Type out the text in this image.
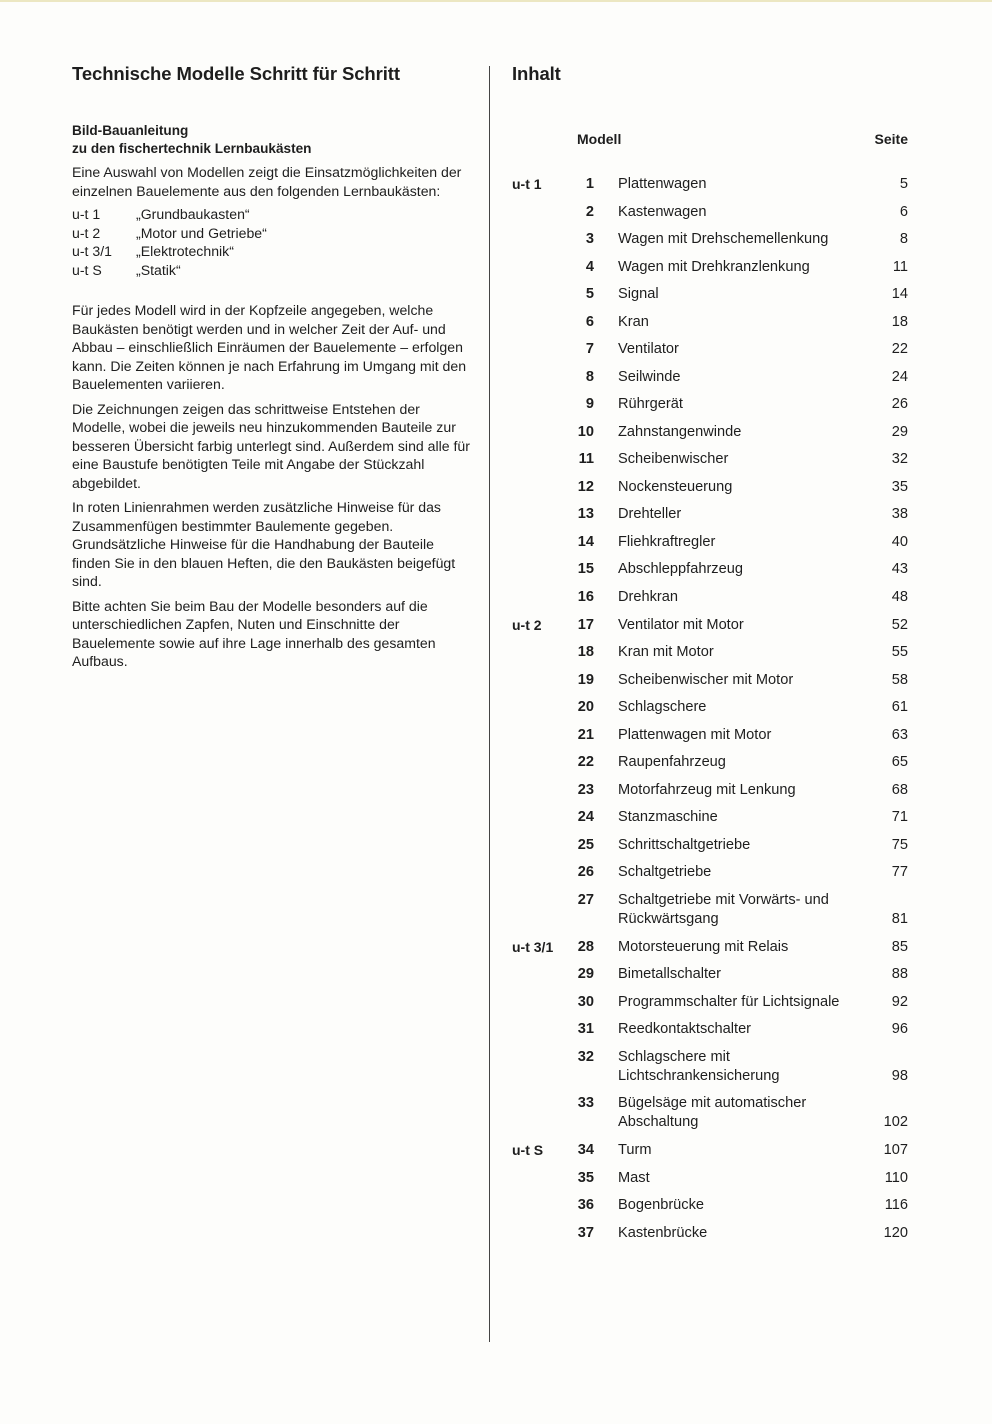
Technische Modelle Schritt für Schritt
Bild-Bauanleitung
zu den fischertechnik Lernbaukästen

Eine Auswahl von Modellen zeigt die Einsatzmöglichkeiten der einzelnen Bauelemente aus den folgenden Lernbaukästen:

u-t 1	„Grundbaukasten“
u-t 2	„Motor und Getriebe“
u-t 3/1	„Elektrotechnik“
u-t S	„Statik“

Für jedes Modell wird in der Kopfzeile angegeben, welche Baukästen benötigt werden und in welcher Zeit der Auf- und Abbau – einschließlich Einräumen der Bauelemente – erfolgen kann. Die Zeiten können je nach Erfahrung im Umgang mit den Bauelementen variieren.

Die Zeichnungen zeigen das schrittweise Entstehen der Modelle, wobei die jeweils neu hinzukommenden Bauteile zur besseren Übersicht farbig unterlegt sind. Außerdem sind alle für eine Baustufe benötigten Teile mit Angabe der Stückzahl abgebildet.

In roten Linienrahmen werden zusätzliche Hinweise für das Zusammenfügen bestimmter Baulemente gegeben. Grundsätzliche Hinweise für die Handhabung der Bauteile finden Sie in den blauen Heften, die den Baukästen beigefügt sind.

Bitte achten Sie beim Bau der Modelle besonders auf die unterschiedlichen Zapfen, Nuten und Einschnitte der Bauelemente sowie auf ihre Lage innerhalb des gesamten Aufbaus.

Inhalt
Modell	Seite
u-t 1	1 Plattenwagen	5
2 Kastenwagen	6
3 Wagen mit Drehschemellenkung	8
4 Wagen mit Drehkranzlenkung	11
5 Signal	14
6 Kran	18
7 Ventilator	22
8 Seilwinde	24
9 Rührgerät	26
10 Zahnstangenwinde	29
11 Scheibenwischer	32
12 Nockensteuerung	35
13 Drehteller	38
14 Fliehkraftregler	40
15 Abschleppfahrzeug	43
16 Drehkran	48
u-t 2	17 Ventilator mit Motor	52
18 Kran mit Motor	55
19 Scheibenwischer mit Motor	58
20 Schlagschere	61
21 Plattenwagen mit Motor	63
22 Raupenfahrzeug	65
23 Motorfahrzeug mit Lenkung	68
24 Stanzmaschine	71
25 Schrittschaltgetriebe	75
26 Schaltgetriebe	77
27 Schaltgetriebe mit Vorwärts- und Rückwärtsgang	81
u-t 3/1	28 Motorsteuerung mit Relais	85
29 Bimetallschalter	88
30 Programmschalter für Lichtsignale	92
31 Reedkontaktschalter	96
32 Schlagschere mit Lichtschrankensicherung	98
33 Bügelsäge mit automatischer Abschaltung	102
u-t S	34 Turm	107
35 Mast	110
36 Bogenbrücke	116
37 Kastenbrücke	120
